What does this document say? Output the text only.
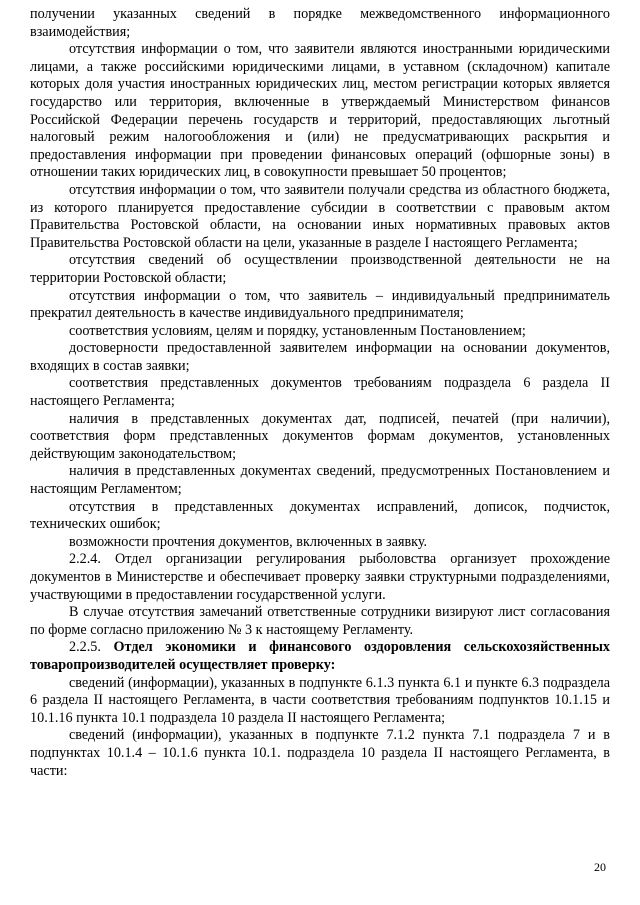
получении указанных сведений в порядке межведомственного информационного взаимодействия;

отсутствия информации о том, что заявители являются иностранными юридическими лицами, а также российскими юридическими лицами, в уставном (складочном) капитале которых доля участия иностранных юридических лиц, местом регистрации которых является государство или территория, включенные в утверждаемый Министерством финансов Российской Федерации перечень государств и территорий, предоставляющих льготный налоговый режим налогообложения и (или) не предусматривающих раскрытия и предоставления информации при проведении финансовых операций (офшорные зоны) в отношении таких юридических лиц, в совокупности превышает 50 процентов;

отсутствия информации о том, что заявители получали средства из областного бюджета, из которого планируется предоставление субсидии в соответствии с правовым актом Правительства Ростовской области, на основании иных нормативных правовых актов Правительства Ростовской области на цели, указанные в разделе I настоящего Регламента;

отсутствия сведений об осуществлении производственной деятельности не на территории Ростовской области;

отсутствия информации о том, что заявитель – индивидуальный предприниматель прекратил деятельность в качестве индивидуального предпринимателя;

соответствия условиям, целям и порядку, установленным Постановлением;

достоверности предоставленной заявителем информации на основании документов, входящих в состав заявки;

соответствия представленных документов требованиям подраздела 6 раздела II настоящего Регламента;

наличия в представленных документах дат, подписей, печатей (при наличии), соответствия форм представленных документов формам документов, установленных действующим законодательством;

наличия в представленных документах сведений, предусмотренных Постановлением и настоящим Регламентом;

отсутствия в представленных документах исправлений, дописок, подчисток, технических ошибок;

возможности прочтения документов, включенных в заявку.

2.2.4. Отдел организации регулирования рыболовства организует прохождение документов в Министерстве и обеспечивает проверку заявки структурными подразделениями, участвующими в предоставлении государственной услуги.

В случае отсутствия замечаний ответственные сотрудники визируют лист согласования по форме согласно приложению № 3 к настоящему Регламенту.

2.2.5. Отдел экономики и финансового оздоровления сельскохозяйственных товаропроизводителей осуществляет проверку:

сведений (информации), указанных в подпункте 6.1.3 пункта 6.1 и пункте 6.3 подраздела 6 раздела II настоящего Регламента, в части соответствия требованиям подпунктов 10.1.15 и 10.1.16 пункта 10.1 подраздела 10 раздела II настоящего Регламента;

сведений (информации), указанных в подпункте 7.1.2 пункта 7.1 подраздела 7 и в подпунктах 10.1.4 – 10.1.6 пункта 10.1. подраздела 10 раздела II настоящего Регламента, в части:

20
